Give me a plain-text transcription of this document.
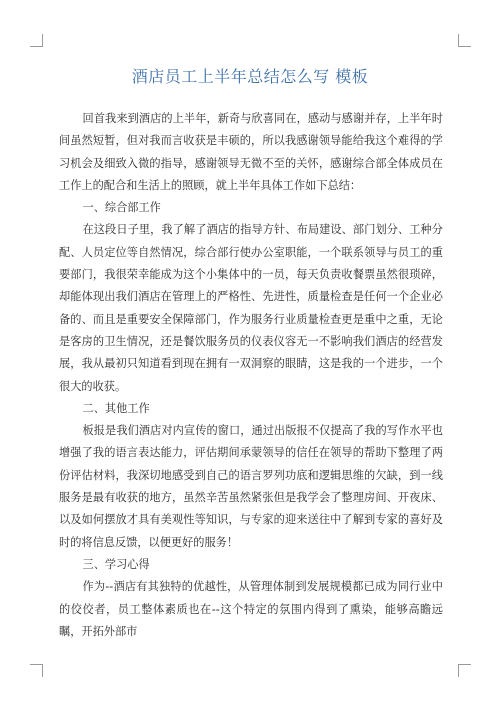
酒店员工上半年总结怎么写 模板

回首我来到酒店的上半年，新奇与欣喜同在，感动与感谢并存，上半年时间虽然短暂，但对我而言收获是丰硕的，所以我感谢领导能给我这个难得的学习机会及细致入微的指导，感谢领导无微不至的关怀，感谢综合部全体成员在工作上的配合和生活上的照顾，就上半年具体工作如下总结：

一、综合部工作

在这段日子里，我了解了酒店的指导方针、布局建设、部门划分、工种分配、人员定位等自然情况，综合部行使办公室职能，一个联系领导与员工的重要部门，我很荣幸能成为这个小集体中的一员，每天负责收餐票虽然很琐碎，却能体现出我们酒店在管理上的严格性、先进性，质量检查是任何一个企业必备的、而且是重要安全保障部门，作为服务行业质量检查更是重中之重，无论是客房的卫生情况，还是餐饮服务员的仪表仪容无一不影响我们酒店的经营发展，我从最初只知道看到现在拥有一双洞察的眼睛，这是我的一个进步，一个很大的收获。

二、其他工作

板报是我们酒店对内宣传的窗口，通过出版报不仅提高了我的写作水平也增强了我的语言表达能力，评估期间承蒙领导的信任在领导的帮助下整理了两份评估材料，我深切地感受到自己的语言罗列功底和逻辑思维的欠缺，到一线服务是最有收获的地方，虽然辛苦虽然紧张但是我学会了整理房间、开夜床、以及如何摆放才具有美观性等知识，与专家的迎来送往中了解到专家的喜好及时的将信息反馈，以便更好的服务！

三、学习心得

作为--酒店有其独特的优越性，从管理体制到发展规模都已成为同行业中的佼佼者，员工整体素质也在--这个特定的氛围内得到了熏染，能够高瞻远瞩，开拓外部市
